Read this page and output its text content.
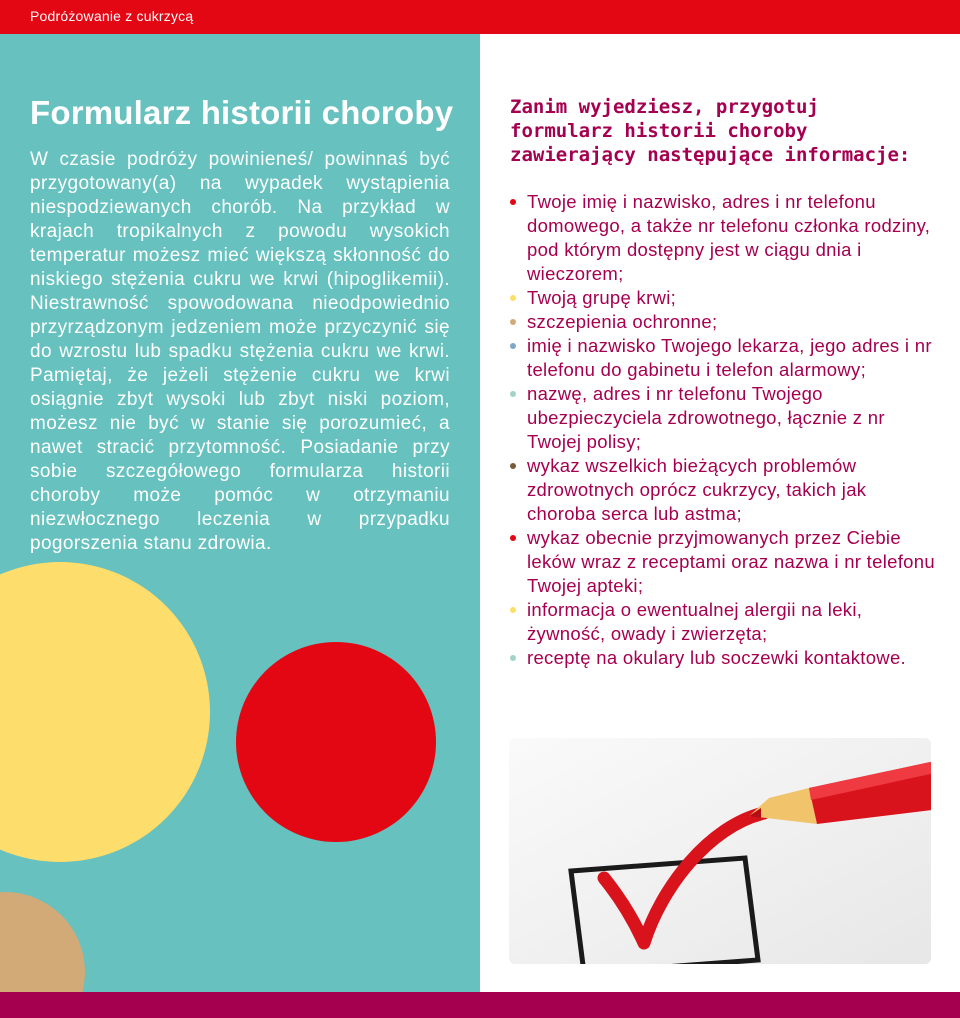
Podróżowanie z cukrzycą
Formularz historii choroby

W czasie podróży powinieneś/ powinnaś być przygotowany(a) na wypadek wystąpienia niespodziewanych chorób. Na przykład w krajach tropikalnych z powodu wysokich temperatur możesz mieć większą skłonność do niskiego stężenia cukru we krwi (hipoglikemii). Niestrawność spowodowana nieodpowiednio przyrządzonym jedzeniem może przyczynić się do wzrostu lub spadku stężenia cukru we krwi. Pamiętaj, że jeżeli stężenie cukru we krwi osiągnie zbyt wysoki lub zbyt niski poziom, możesz nie być w stanie się porozumieć, a nawet stracić przytomność. Posiadanie przy sobie szczegółowego formularza historii choroby może pomóc w otrzymaniu niezwłocznego leczenia w przypadku pogorszenia stanu zdrowia.

Zanim wyjedziesz, przygotuj formularz historii choroby zawierający następujące informacje:
Twoje imię i nazwisko, adres i nr telefonu domowego, a także nr telefonu członka rodziny, pod którym dostępny jest w ciągu dnia i wieczorem;
Twoją grupę krwi;
szczepienia ochronne;
imię i nazwisko Twojego lekarza, jego adres i nr telefonu do gabinetu i telefon alarmowy;
nazwę, adres i nr telefonu Twojego ubezpieczyciela zdrowotnego, łącznie z nr Twojej polisy;
wykaz wszelkich bieżących problemów zdrowotnych oprócz cukrzycy, takich jak choroba serca lub astma;
wykaz obecnie przyjmowanych przez Ciebie leków wraz z receptami oraz nazwa i nr telefonu Twojej apteki;
informacja o ewentualnej alergii na leki, żywność, owady i zwierzęta;
receptę na okulary lub soczewki kontaktowe.
